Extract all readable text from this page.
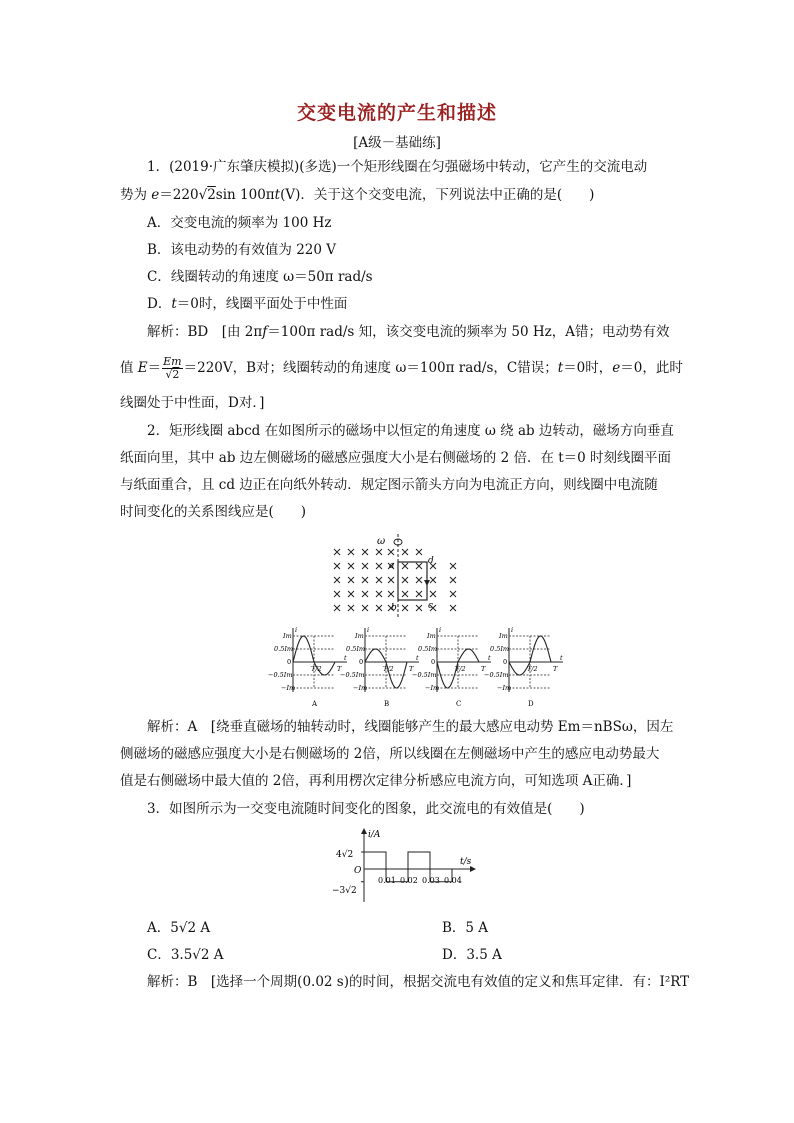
交变电流的产生和描述
[A级－基础练]
1．(2019·广东肇庆模拟)(多选)一个矩形线圈在匀强磁场中转动，它产生的交流电动
势为 e＝220√2sin 100πt(V)．关于这个交变电流，下列说法中正确的是(　　)
A．交变电流的频率为 100 Hz
B．该电动势的有效值为 220 V
C．线圈转动的角速度 ω＝50π rad/s
D．t＝0时，线圈平面处于中性面
解析：BD　[由 2πf＝100π rad/s 知，该交变电流的频率为 50 Hz，A错；电动势有效
值 $E= \frac{Em}{√2} =220V$，B对；线圈转动的角速度 ω＝100π rad/s，C错误；t＝0时，e＝0，此时
线圈处于中性面，D对．]
2．矩形线圈 abcd 在如图所示的磁场中以恒定的角速度 ω 绕 ab 边转动，磁场方向垂直
纸面向里，其中 ab 边左侧磁场的磁感应强度大小是右侧磁场的 2 倍．在 t＝0 时刻线圈平面
与纸面重合，且 cd 边正在向纸外转动．规定图示箭头方向为电流正方向，则线圈中电流随
时间变化的关系图线应是(　　)
ω
a
b	c
d
i
t
Im
0.5Im
0
−0.5Im
−Im
T/2 T
A
i
t
Im
0.5Im
0
−0.5Im
−Im
T/2 T
B
i
t
Im
0.5Im
0
−0.5Im
−Im
T/2 T
C
i
t
Im
0.5Im
0
−0.5Im
−Im
T/2 T
D
解析：A　[绕垂直磁场的轴转动时，线圈能够产生的最大感应电动势 Em＝nBSω，因左
侧磁场的磁感应强度大小是右侧磁场的 2倍，所以线圈在左侧磁场中产生的感应电动势最大
值是右侧磁场中最大值的 2倍，再利用楞次定律分析感应电流方向，可知选项 A正确．]
3．如图所示为一交变电流随时间变化的图象，此交流电的有效值是(　　)
i/A
t/s
4√2
O
−3√2
0.01 0.02 0.03 0.04
A．5√2 A	B．5 A
C．3.5√2 A	D．3.5 A
解析：B　[选择一个周期(0.02 s)的时间，根据交流电有效值的定义和焦耳定律．有：I²RT
